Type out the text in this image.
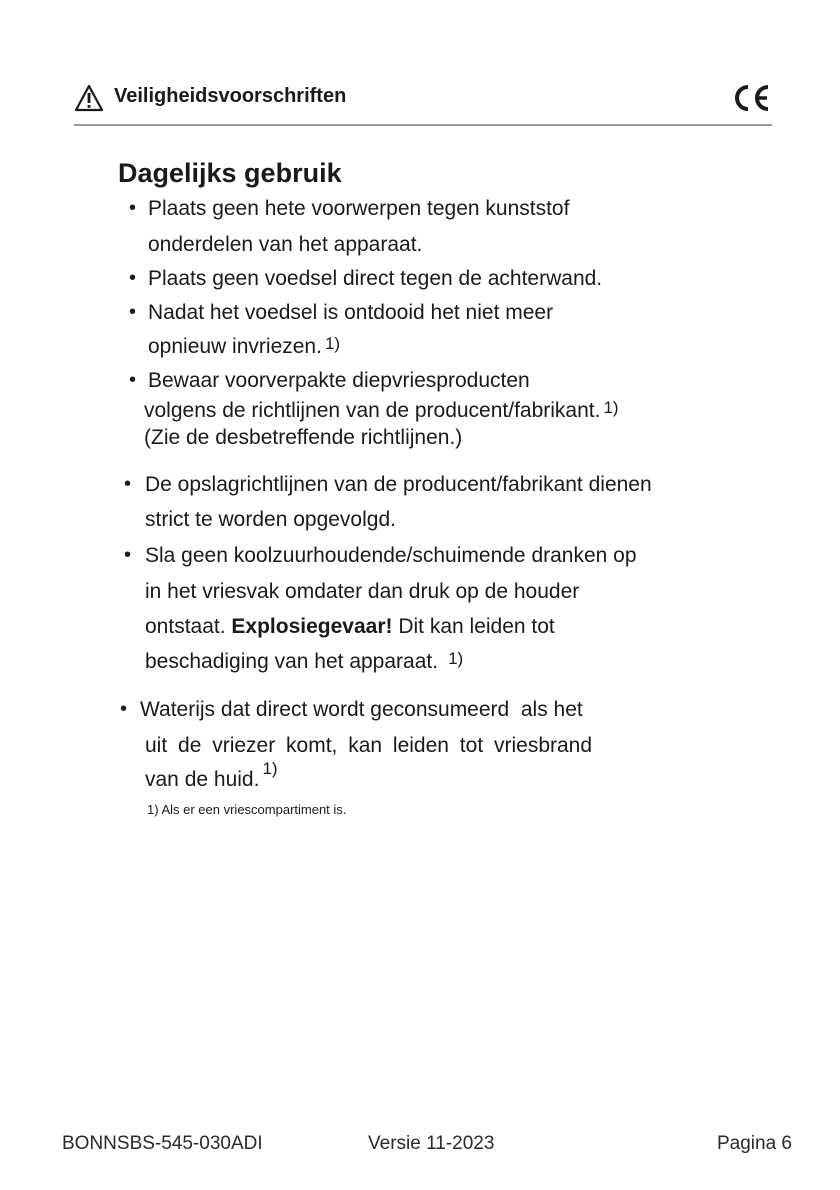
Veiligheidsvoorschriften
Dagelijks gebruik
• Plaats geen hete voorwerpen tegen kunststof
onderdelen van het apparaat.
• Plaats geen voedsel direct tegen de achterwand.
• Nadat het voedsel is ontdooid het niet meer
opnieuw invriezen. $^{1)}$
• Bewaar voorverpakte diepvriesproducten
volgens de richtlijnen van de producent/fabrikant. $^{1)}$
(Zie de desbetreffende richtlijnen.)
• De opslagrichtlijnen van de producent/fabrikant dienen
strict te worden opgevolgd.
• Sla geen koolzuurhoudende/schuimende dranken op
in het vriesvak omdater dan druk op de houder
ontstaat. Explosiegevaar! Dit kan leiden tot
beschadiging van het apparaat. $^{1)}$
• Waterijs dat direct wordt geconsumeerd  als het
uit de vriezer komt, kan leiden tot vriesbrand
van de huid. $^{1)}$
1) Als er een vriescompartiment is.
BONNSBS-545-030ADI	Versie 11-2023	Pagina 6
